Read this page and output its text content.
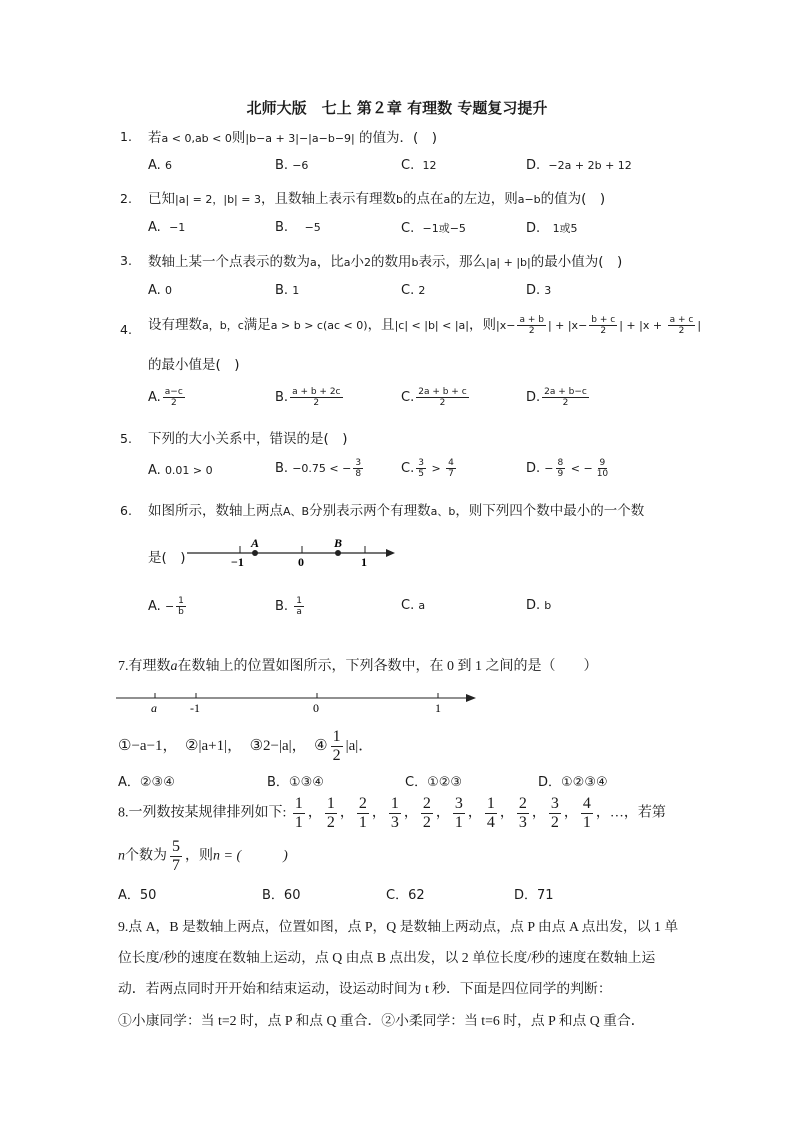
北师大版　七上 第２章 有理数 专题复习提升
1. 若a < 0,ab < 0则|b−a + 3|−|a−b−9| 的值为．(　)
A. 6	B. −6	C. 12	D. −2a + 2b + 12
2. 已知|a| = 2，|b| = 3，且数轴上表示有理数b的点在a的左边，则a−b的值为(　)
A. −1	B. −5	C. −1或−5	D. 1或5
3. 数轴上某一个点表示的数为a，比a小2的数用b表示，那么|a| + |b|的最小值为(　)
A. 0	B. 1	C. 2	D. 3
4. 设有理数a，b，c满足a > b > c(ac < 0)，且|c| < |b| < |a|，则$|x- \frac{a + b}{2}$ | + $|x- \frac{b + c}{2}$ | + $|x + \frac{a + c}{2}$ |
的最小值是(　)
A. $\frac{a-c}{2}$	B. $\frac{a + b + 2c}{2}$	C. $\frac{2a + b + c}{2}$	D. $\frac{2a + b-c}{2}$
5. 下列的大小关系中，错误的是(　)
A. 0.01 > 0	B. −0.75 < − $\frac{3}{8}$	C. $\frac{3}{5} > \frac{4}{7}$	D. − $\frac{8}{9}$ < − $\frac{9}{10}$
6. 如图所示，数轴上两点A、B分别表示两个有理数a、b，则下列四个数中最小的一个数
是(　)
A	B
−1	0	1
A. − $\frac{1}{b}$	B. $\frac{1}{a}$	C. a	D. b
7.有理数a在数轴上的位置如图所示，下列各数中，在 0 到 1 之间的是（　　）
a	-1	0	1
①−a−1，　②|a+1|，　③2−|a|，　④ $\frac{1}{2} |a|$．
A．②③④	B．①③④	C．①②③	D．①②③④
8.一列数按某规律排列如下: $\frac{1}{1}$ ， $\frac{1}{2}$ ， $\frac{2}{1}$ ， $\frac{1}{3}$ ， $\frac{2}{2}$ ， $\frac{3}{1}$ ， $\frac{1}{4}$ ， $\frac{2}{3}$ ， $\frac{3}{2}$ ， $\frac{4}{1}$ ，…，若第
n个数为 $\frac{5}{7}$ ，则n = (　　　)
A．50	B．60	C．62	D．71
9.点 A，B 是数轴上两点，位置如图，点 P，Q 是数轴上两动点，点 P 由点 A 点出发，以 1 单
位长度/秒的速度在数轴上运动，点 Q 由点 B 点出发，以 2 单位长度/秒的速度在数轴上运
动．若两点同时开开始和结束运动，设运动时间为 t 秒．下面是四位同学的判断：
①小康同学：当 t=2 时，点 P 和点 Q 重合．②小柔同学：当 t=6 时，点 P 和点 Q 重合．
